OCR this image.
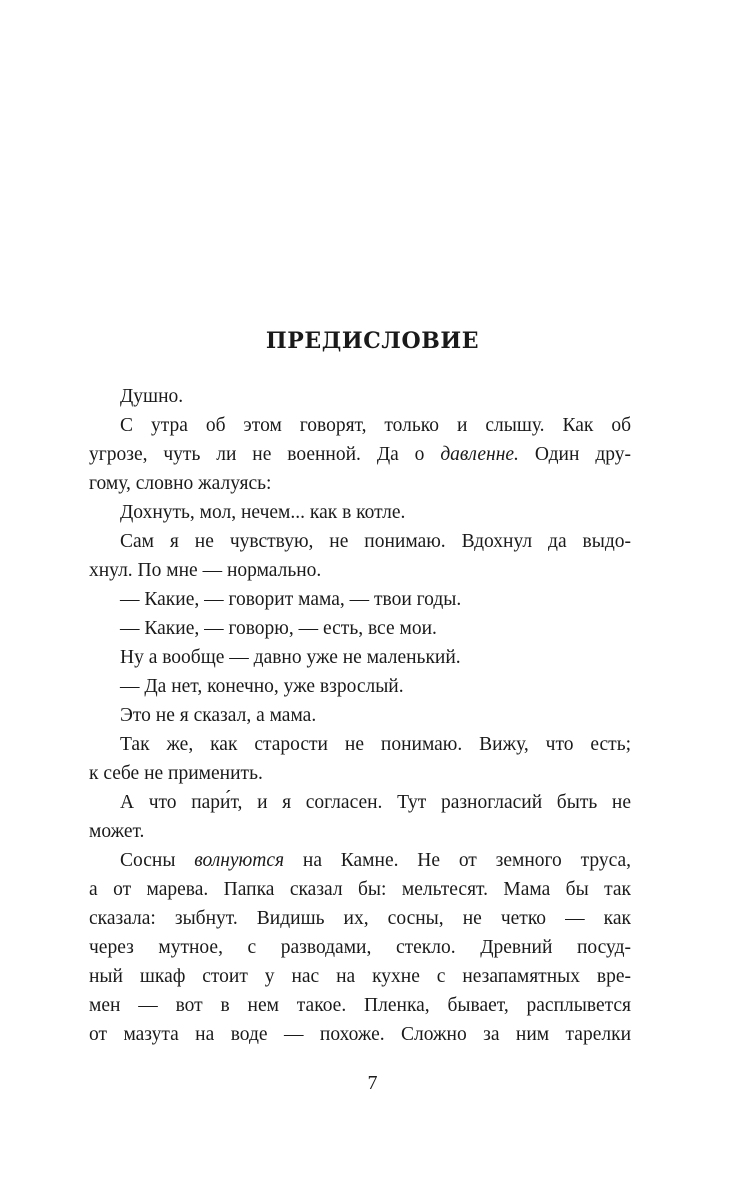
ПРЕДИСЛОВИЕ
Душно.
С утра об этом говорят, только и слышу. Как об
угрозе, чуть ли не военной. Да о давленне. Один дру-
гому, словно жалуясь:
Дохнуть, мол, нечем... как в котле.
Сам я не чувствую, не понимаю. Вдохнул да выдо-
хнул. По мне — нормально.
— Какие, — говорит мама, — твои годы.
— Какие, — говорю, — есть, все мои.
Ну а вообще — давно уже не маленький.
— Да нет, конечно, уже взрослый.
Это не я сказал, а мама.
Так же, как старости не понимаю. Вижу, что есть;
к себе не применить.
А что пари́т, и я согласен. Тут разногласий быть не
может.
Сосны волнуются на Камне. Не от земного труса,
а от марева. Папка сказал бы: мельтесят. Мама бы так
сказала: зыбнут. Видишь их, сосны, не четко — как
через мутное, с разводами, стекло. Древний посуд-
ный шкаф стоит у нас на кухне с незапамятных вре-
мен — вот в нем такое. Пленка, бывает, расплывется
от мазута на воде — похоже. Сложно за ним тарелки
7
